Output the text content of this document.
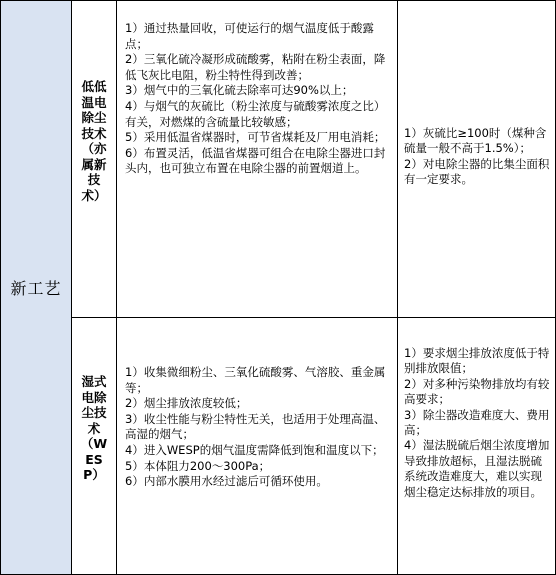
新工艺
低低温电除尘技术（亦属新技术）

1）通过热量回收，可使运行的烟气温度低于酸露点；

2）三氧化硫冷凝形成硫酸雾，粘附在粉尘表面，降低飞灰比电阻，粉尘特性得到改善；

3）烟气中的三氧化硫去除率可达90%以上；

4）与烟气的灰硫比（粉尘浓度与硫酸雾浓度之比）有关，对燃煤的含硫量比较敏感；

5）采用低温省煤器时，可节省煤耗及厂用电消耗；

6）布置灵活，低温省煤器可组合在电除尘器进口封头内，也可独立布置在电除尘器的前置烟道上。

1）灰硫比≥100时（煤种含硫量一般不高于1.5%）；

2）对电除尘器的比集尘面积有一定要求。

湿式电除尘技术（WESP）

1）收集微细粉尘、三氧化硫酸雾、气溶胶、重金属等；

2）烟尘排放浓度较低；

3）收尘性能与粉尘特性无关，也适用于处理高温、高湿的烟气；

4）进入WESP的烟气温度需降低到饱和温度以下；

5）本体阻力200～300Pa；

6）内部水膜用水经过滤后可循环使用。

1）要求烟尘排放浓度低于特别排放限值；

2）对多种污染物排放均有较高要求；

3）除尘器改造难度大、费用高；

4）湿法脱硫后烟尘浓度增加导致排放超标，且湿法脱硫系统改造难度大，难以实现烟尘稳定达标排放的项目。
